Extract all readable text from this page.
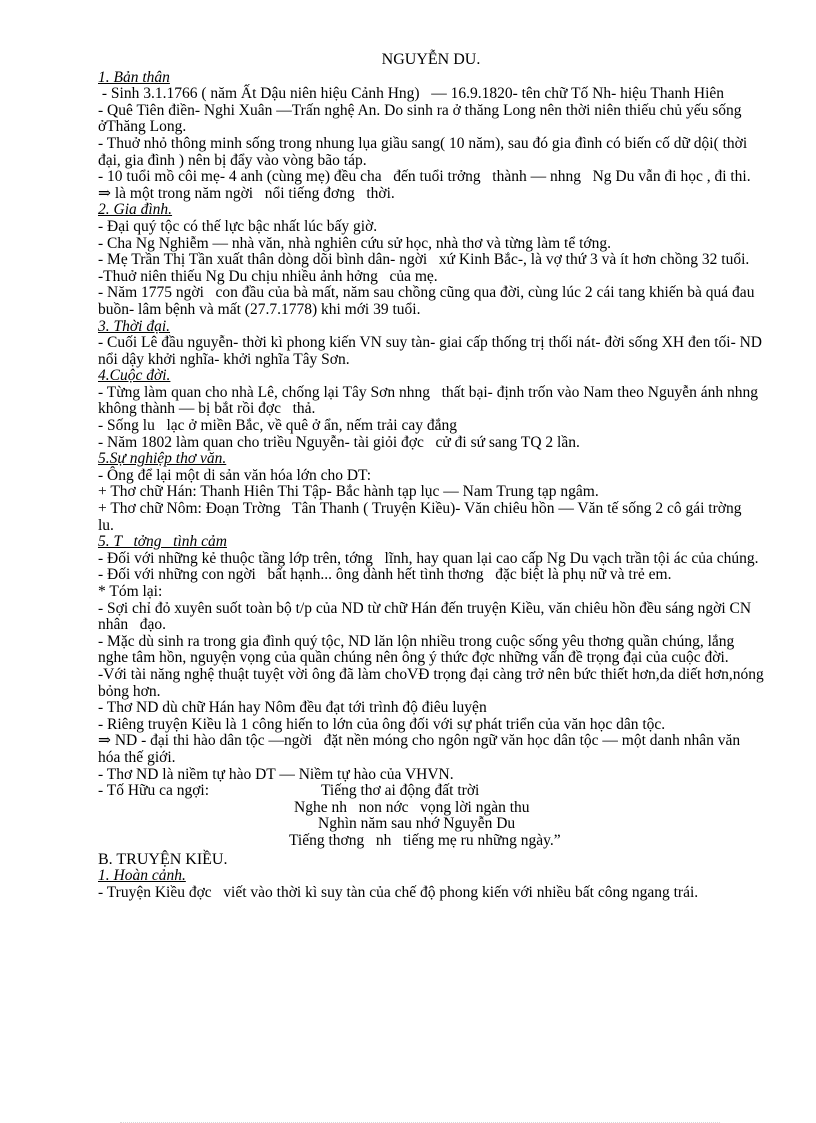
NGUYỄN DU.

1. Bản thân

- Sinh 3.1.1766 ( năm Ất Dậu niên hiệu Cảnh Hng)   — 16.9.1820- tên chữ Tố Nh- hiệu Thanh Hiên

- Quê Tiên điền- Nghi Xuân —Trấn nghệ An. Do sinh ra ở thăng Long nên thời niên thiếu chủ yếu sống ởThăng Long.

- Thuở nhỏ thông minh sống trong nhung lụa giầu sang( 10 năm), sau đó gia đình có biến cố dữ dội( thời đại, gia đình ) nên bị đẩy vào vòng bão táp.

- 10 tuổi mồ côi mẹ- 4 anh (cùng mẹ) đều cha   đến tuổi trởng   thành — nhng   Ng Du vẫn đi học , đi thi.

⇒ là một trong năm ngời   nổi tiếng đơng   thời.

2. Gia đình.

- Đại quý tộc có thế lực bậc nhất lúc bấy giờ.

- Cha Ng Nghiễm — nhà văn, nhà nghiên cứu sử học, nhà thơ và từng làm tể tớng.

- Mẹ Trần Thị Tần xuất thân dòng dõi bình dân- ngời   xứ Kinh Bắc-, là vợ thứ 3 và ít hơn chồng 32 tuổi.

-Thuở niên thiếu Ng Du chịu nhiều ảnh hởng   của mẹ.

- Năm 1775 ngời   con đầu của bà mất, năm sau chồng cũng qua đời, cùng lúc 2 cái tang khiến bà quá đau buồn- lâm bệnh và mất (27.7.1778) khi mới 39 tuổi.

3. Thời đại.

- Cuối Lê đầu nguyễn- thời kì phong kiến VN suy tàn- giai cấp thống trị thối nát- đời sống XH đen tối- ND nổi dậy khởi nghĩa- khởi nghĩa Tây Sơn.

4.Cuộc đời.

- Từng làm quan cho nhà Lê, chống lại Tây Sơn nhng   thất bại- định trốn vào Nam theo Nguyễn ánh nhng   không thành — bị bắt rồi đợc   thả.

- Sống lu   lạc ở miền Bắc, về quê ở ẩn, nếm trải cay đắng

- Năm 1802 làm quan cho triều Nguyễn- tài giỏi đợc   cử đi sứ sang TQ 2 lần.

5.Sự nghiệp thơ văn.

- Ông để lại một di sản văn hóa lớn cho DT:

+ Thơ chữ Hán: Thanh Hiên Thi Tập- Bắc hành tạp lục — Nam Trung tạp ngâm.

+ Thơ chữ Nôm: Đoạn Trờng   Tân Thanh ( Truyện Kiều)- Văn chiêu hồn — Văn tế sống 2 cô gái trờng   lu.

5. T   tởng   tình cảm

- Đối với những kẻ thuộc tầng lớp trên, tớng   lĩnh, hay quan lại cao cấp Ng Du vạch trần tội ác của chúng.

- Đối với những con ngời   bất hạnh... ông dành hết tình thơng   đặc biệt là phụ nữ và trẻ em.

* Tóm lại:

- Sợi chỉ đỏ xuyên suốt toàn bộ t/p của ND từ chữ Hán đến truyện Kiều, văn chiêu hồn đều sáng ngời CN nhân   đạo.

- Mặc dù sinh ra trong gia đình quý tộc, ND lăn lộn nhiều trong cuộc sống yêu thơng quần chúng, lắng nghe tâm hồn, nguyện vọng của quần chúng nên ông ý thức đợc những vấn đề trọng đại của cuộc đời.

-Với tài năng nghệ thuật tuyệt vời ông đã làm choVĐ trọng đại càng trở nên bức thiết hơn,da diết hơn,nóng bỏng hơn.

- Thơ ND dù chữ Hán hay Nôm đều đạt tới trình độ điêu luyện

- Riêng truyện Kiều là 1 công hiến to lớn của ông đối với sự phát triển của văn học dân tộc.

⇒ ND - đại thi hào dân tộc —ngời   đặt nền móng cho ngôn ngữ văn học dân tộc — một danh nhân văn hóa thế giới.

- Thơ ND là niềm tự hào DT — Niềm tự hào của VHVN.

- Tố Hữu ca ngợi:	Tiếng thơ ai động đất trời
Nghe nh   non nớc   vọng lời ngàn thu
Nghìn năm sau nhớ Nguyễn Du
Tiếng thơng   nh   tiếng mẹ ru những ngày.”

B. TRUYỆN KIỀU.

1. Hoàn cảnh.

- Truyện Kiều đợc   viết vào thời kì suy tàn của chế độ phong kiến với nhiều bất công ngang trái.
